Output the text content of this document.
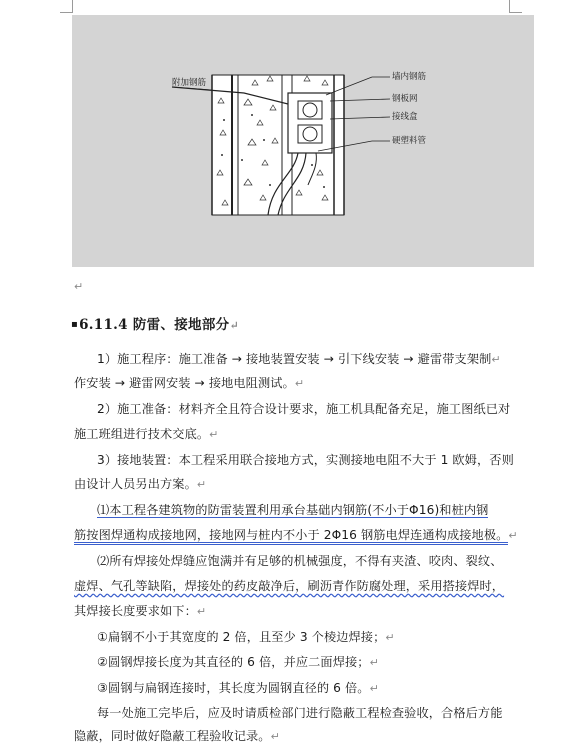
附加钢筋
墙内钢筋
钢板网
接线盒
硬塑料管
↵
▪6.11.4 防雷、接地部分↵
1）施工程序：施工准备 → 接地装置安装 → 引下线安装 → 避雷带支架制↵
作安装 → 避雷网安装 → 接地电阻测试。↵
2）施工准备：材料齐全且符合设计要求，施工机具配备充足，施工图纸已对
施工班组进行技术交底。↵
3）接地装置：本工程采用联合接地方式，实测接地电阻不大于 1 欧姆，否则
由设计人员另出方案。↵
⑴本工程各建筑物的防雷装置利用承台基础内钢筋(不小于Φ16)和桩内钢
筋按图焊通构成接地网，接地网与桩内不小于 2Φ16 钢筋电焊连通构成接地极。↵
⑵所有焊接处焊缝应饱满并有足够的机械强度，不得有夹渣、咬肉、裂纹、
虚焊、气孔等缺陷，焊接处的药皮敲净后，刷沥青作防腐处理，采用搭接焊时，
其焊接长度要求如下：↵
①扁钢不小于其宽度的 2 倍，且至少 3 个棱边焊接；↵
②圆钢焊接长度为其直径的 6 倍，并应二面焊接；↵
③圆钢与扁钢连接时，其长度为圆钢直径的 6 倍。↵
每一处施工完毕后，应及时请质检部门进行隐蔽工程检查验收，合格后方能
隐蔽，同时做好隐蔽工程验收记录。↵
